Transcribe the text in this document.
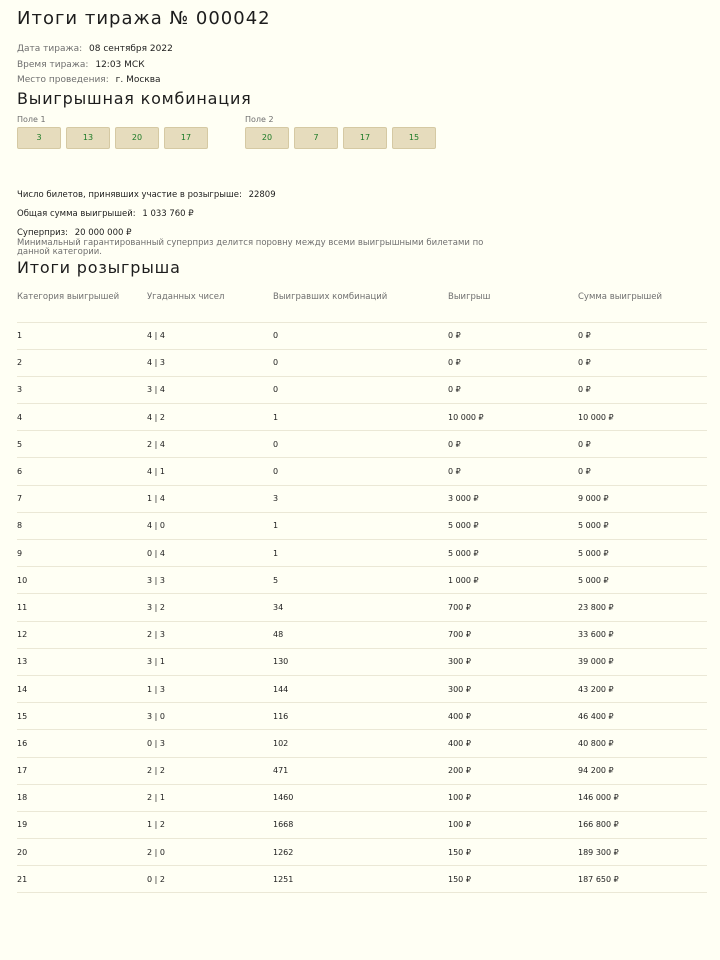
Итоги тиража № 000042
Дата тиража: 08 сентября 2022
Время тиража: 12:03 МСК
Место проведения: г. Москва
Выигрышная комбинация
Поле 1
3	13	20	17
Поле 2
20	7	17	15
Число билетов, принявших участие в розыгрыше: 22809
Общая сумма выигрышей: 1 033 760 ₽
Суперприз: 20 000 000 ₽
Минимальный гарантированный суперприз делится поровну между всеми выигрышными билетами по данной категории.
Итоги розыгрыша
Категория выигрышей	Угаданных чисел	Выигравших комбинаций	Выигрыш	Сумма выигрышей
1	4 | 4	0	0 ₽	0 ₽
2	4 | 3	0	0 ₽	0 ₽
3	3 | 4	0	0 ₽	0 ₽
4	4 | 2	1	10 000 ₽	10 000 ₽
5	2 | 4	0	0 ₽	0 ₽
6	4 | 1	0	0 ₽	0 ₽
7	1 | 4	3	3 000 ₽	9 000 ₽
8	4 | 0	1	5 000 ₽	5 000 ₽
9	0 | 4	1	5 000 ₽	5 000 ₽
10	3 | 3	5	1 000 ₽	5 000 ₽
11	3 | 2	34	700 ₽	23 800 ₽
12	2 | 3	48	700 ₽	33 600 ₽
13	3 | 1	130	300 ₽	39 000 ₽
14	1 | 3	144	300 ₽	43 200 ₽
15	3 | 0	116	400 ₽	46 400 ₽
16	0 | 3	102	400 ₽	40 800 ₽
17	2 | 2	471	200 ₽	94 200 ₽
18	2 | 1	1460	100 ₽	146 000 ₽
19	1 | 2	1668	100 ₽	166 800 ₽
20	2 | 0	1262	150 ₽	189 300 ₽
21	0 | 2	1251	150 ₽	187 650 ₽
